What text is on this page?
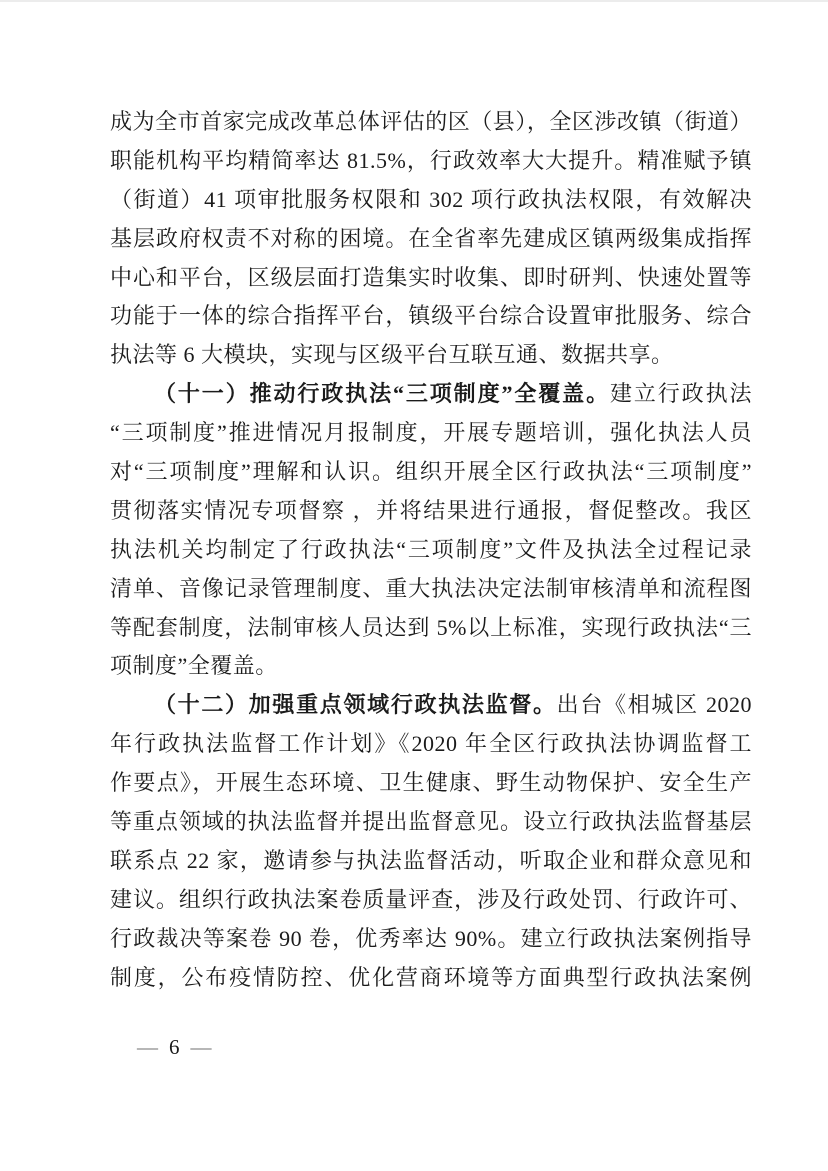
成为全市首家完成改革总体评估的区（县），全区涉改镇（街道）
职能机构平均精简率达 81.5%，行政效率大大提升。精准赋予镇
（街道）41 项审批服务权限和 302 项行政执法权限，有效解决
基层政府权责不对称的困境。在全省率先建成区镇两级集成指挥
中心和平台，区级层面打造集实时收集、即时研判、快速处置等
功能于一体的综合指挥平台，镇级平台综合设置审批服务、综合
执法等 6 大模块，实现与区级平台互联互通、数据共享。
（十一）推动行政执法“三项制度”全覆盖。建立行政执法
“三项制度”推进情况月报制度，开展专题培训，强化执法人员
对“三项制度”理解和认识。组织开展全区行政执法“三项制度”
贯彻落实情况专项督察 ，并将结果进行通报，督促整改。我区
执法机关均制定了行政执法“三项制度”文件及执法全过程记录
清单、音像记录管理制度、重大执法决定法制审核清单和流程图
等配套制度，法制审核人员达到 5%以上标准，实现行政执法“三
项制度”全覆盖。
（十二）加强重点领域行政执法监督。出台《相城区 2020
年行政执法监督工作计划》《2020 年全区行政执法协调监督工
作要点》，开展生态环境、卫生健康、野生动物保护、安全生产
等重点领域的执法监督并提出监督意见。设立行政执法监督基层
联系点 22 家，邀请参与执法监督活动，听取企业和群众意见和
建议。组织行政执法案卷质量评查，涉及行政处罚、行政许可、
行政裁决等案卷 90 卷，优秀率达 90%。建立行政执法案例指导
制度，公布疫情防控、优化营商环境等方面典型行政执法案例
— 6 —
